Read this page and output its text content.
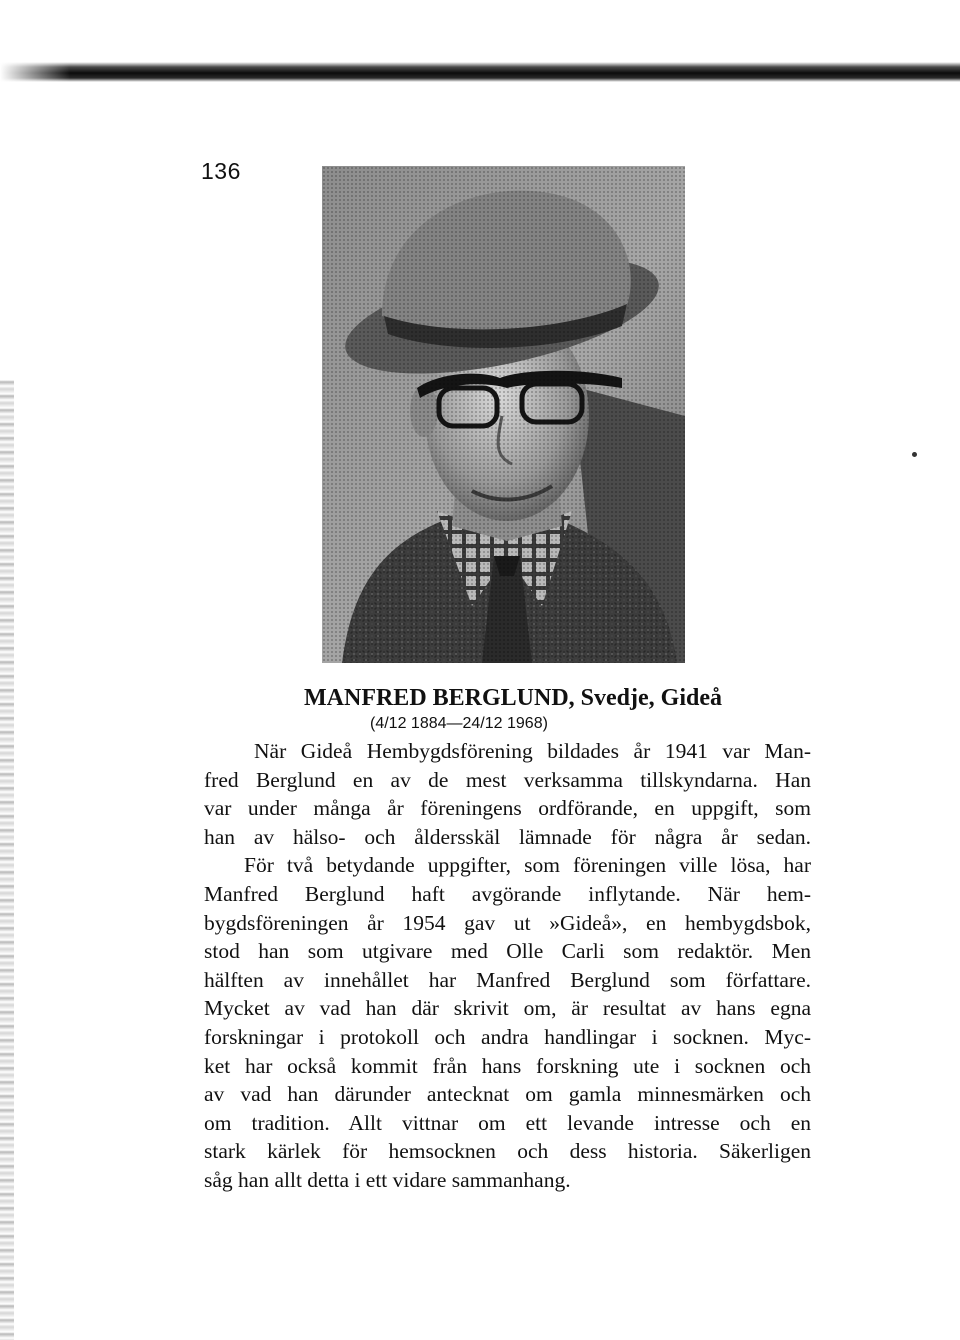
136
MANFRED BERGLUND, Svedje, Gideå
(4/12 1884—24/12 1968)
När Gideå Hembygdsförening bildades år 1941 var Man-
fred Berglund en av de mest verksamma tillskyndarna. Han
var under många år föreningens ordförande, en uppgift, som
han av hälso- och åldersskäl lämnade för några år sedan.
För två betydande uppgifter, som föreningen ville lösa, har
Manfred Berglund haft avgörande inflytande. När hem-
bygdsföreningen år 1954 gav ut »Gideå», en hembygdsbok,
stod han som utgivare med Olle Carli som redaktör. Men
hälften av innehållet har Manfred Berglund som författare.
Mycket av vad han där skrivit om, är resultat av hans egna
forskningar i protokoll och andra handlingar i socknen. Myc-
ket har också kommit från hans forskning ute i socknen och
av vad han därunder antecknat om gamla minnesmärken och
om tradition. Allt vittnar om ett levande intresse och en
stark kärlek för hemsocknen och dess historia. Säkerligen
såg han allt detta i ett vidare sammanhang.
